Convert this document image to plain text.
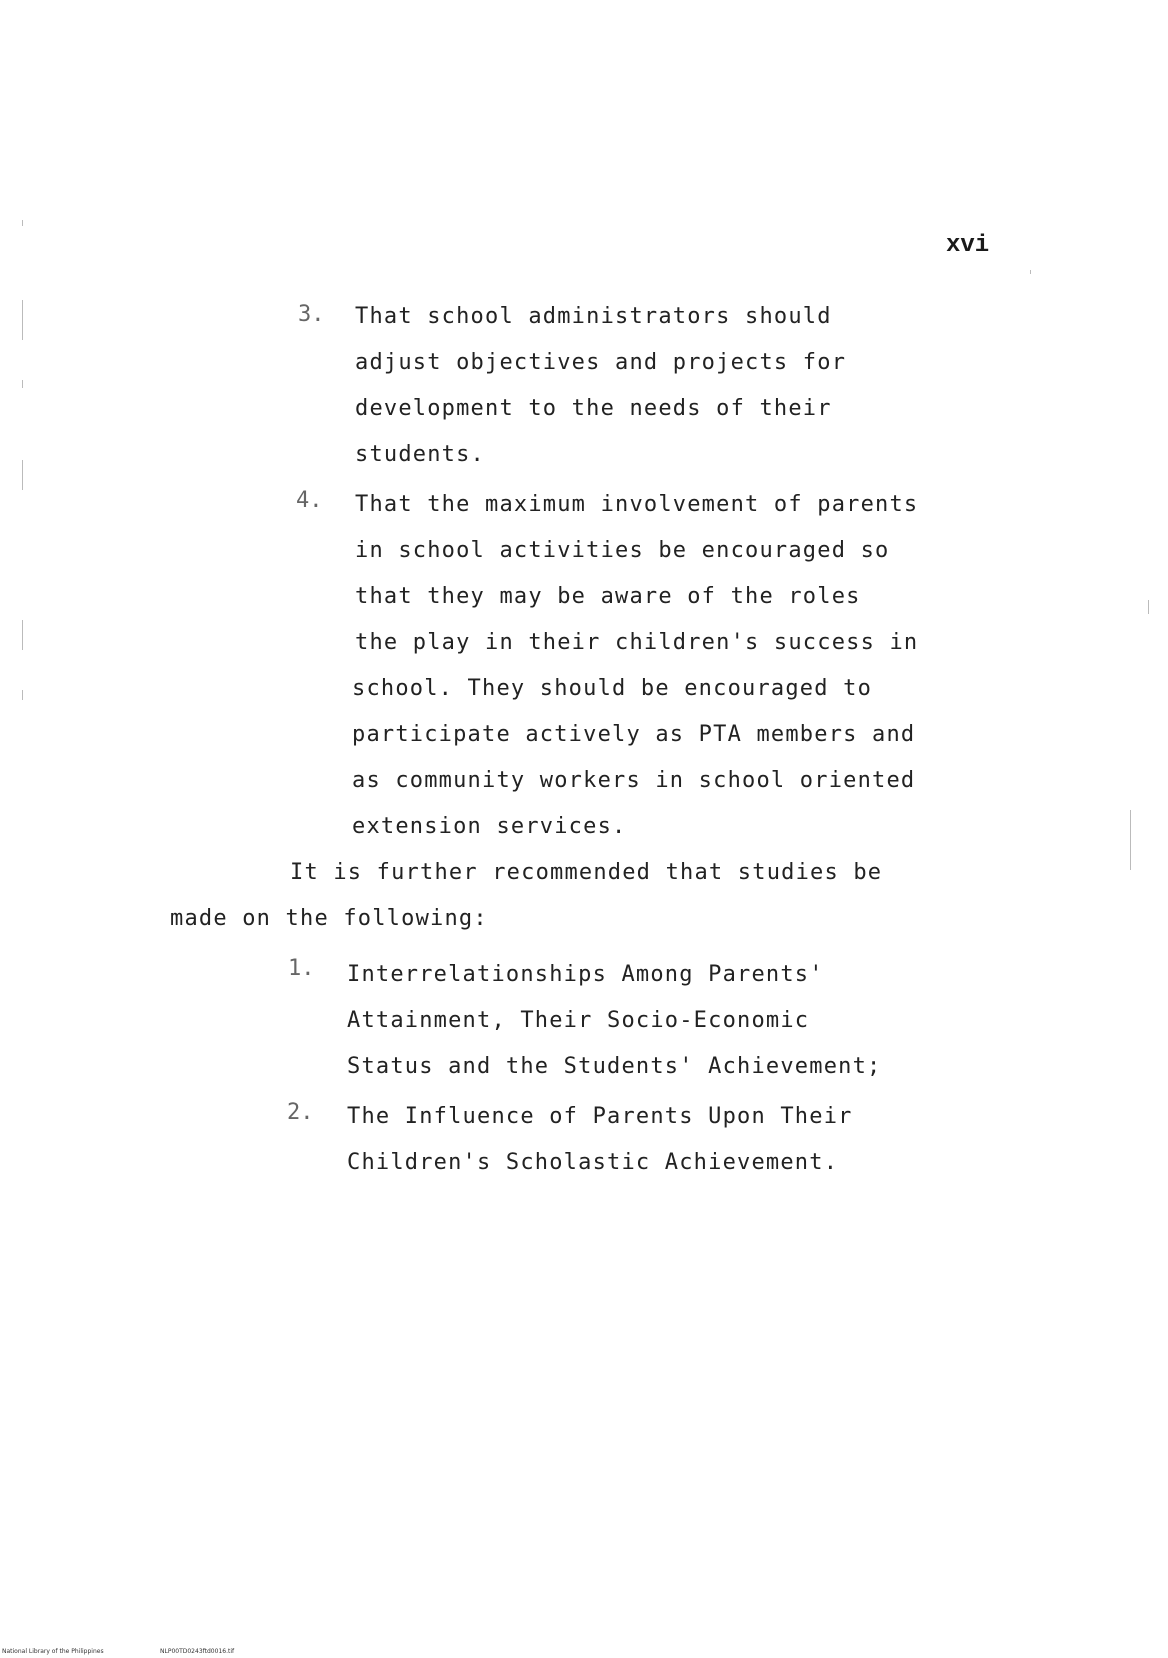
xvi
3. That school administrators should
adjust objectives and projects for
development to the needs of their
students.
4. That the maximum involvement of parents
in school activities be encouraged so
that they may be aware of the roles
the play in their children's success in
school. They should be encouraged to
participate actively as PTA members and
as community workers in school oriented
extension services.
It is further recommended that studies be
made on the following:
1. Interrelationships Among Parents'
Attainment, Their Socio-Economic
Status and the Students' Achievement;
2. The Influence of Parents Upon Their
Children's Scholastic Achievement.
National Library of the Philippines	NLP00TD0243ftd0016.tif
